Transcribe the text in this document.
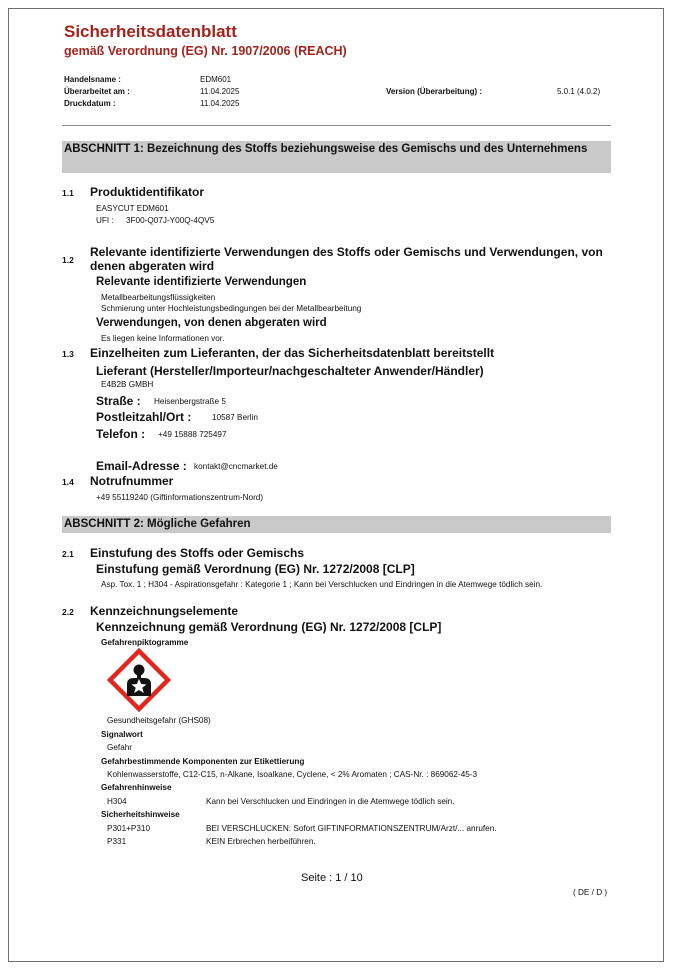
Sicherheitsdatenblatt
gemäß Verordnung (EG) Nr. 1907/2006 (REACH)
Handelsname :	EDM601
Überarbeitet am :	11.04.2025
Druckdatum :	11.04.2025
Version (Überarbeitung) :	5.0.1 (4.0.2)
ABSCHNITT 1: Bezeichnung des Stoffs beziehungsweise des Gemischs und des Unternehmens
1.1 Produktidentifikator
EASYCUT EDM601
UFI : 3F00-Q07J-Y00Q-4QV5
1.2
Relevante identifizierte Verwendungen des Stoffs oder Gemischs und Verwendungen, von denen abgeraten wird
Relevante identifizierte Verwendungen
Metallbearbeitungsflüssigkeiten
Schmierung unter Hochleistungsbedingungen bei der Metallbearbeitung
Verwendungen, von denen abgeraten wird
Es liegen keine Informationen vor.
1.3 Einzelheiten zum Lieferanten, der das Sicherheitsdatenblatt bereitstellt
Lieferant (Hersteller/Importeur/nachgeschalteter Anwender/Händler)
E4B2B GMBH
Straße : Heisenbergstraße 5
Postleitzahl/Ort :	10587 Berlin
Telefon : +49 15888 725497
Email-Adresse : kontakt@cncmarket.de
1.4 Notrufnummer
+49 55119240 (Giftinformationszentrum-Nord)
ABSCHNITT 2: Mögliche Gefahren
2.1 Einstufung des Stoffs oder Gemischs
Einstufung gemäß Verordnung (EG) Nr. 1272/2008 [CLP]
Asp. Tox. 1 ; H304 - Aspirationsgefahr : Kategorie 1 ; Kann bei Verschlucken und Eindringen in die Atemwege tödlich sein.
2.2 Kennzeichnungselemente
Kennzeichnung gemäß Verordnung (EG) Nr. 1272/2008 [CLP]
Gefahrenpiktogramme
Gesundheitsgefahr (GHS08)
Signalwort
Gefahr
Gefahrbestimmende Komponenten zur Etikettierung
Kohlenwasserstoffe, C12-C15, n-Alkane, Isoalkane, Cyclene, < 2% Aromaten ; CAS-Nr. : 869062-45-3
Gefahrenhinweise
H304	Kann bei Verschlucken und Eindringen in die Atemwege tödlich sein.
Sicherheitshinweise
P301+P310	BEI VERSCHLUCKEN: Sofort GIFTINFORMATIONSZENTRUM/Arzt/... anrufen.
P331	KEIN Erbrechen herbeiführen.
Seite : 1 / 10
( DE / D )
